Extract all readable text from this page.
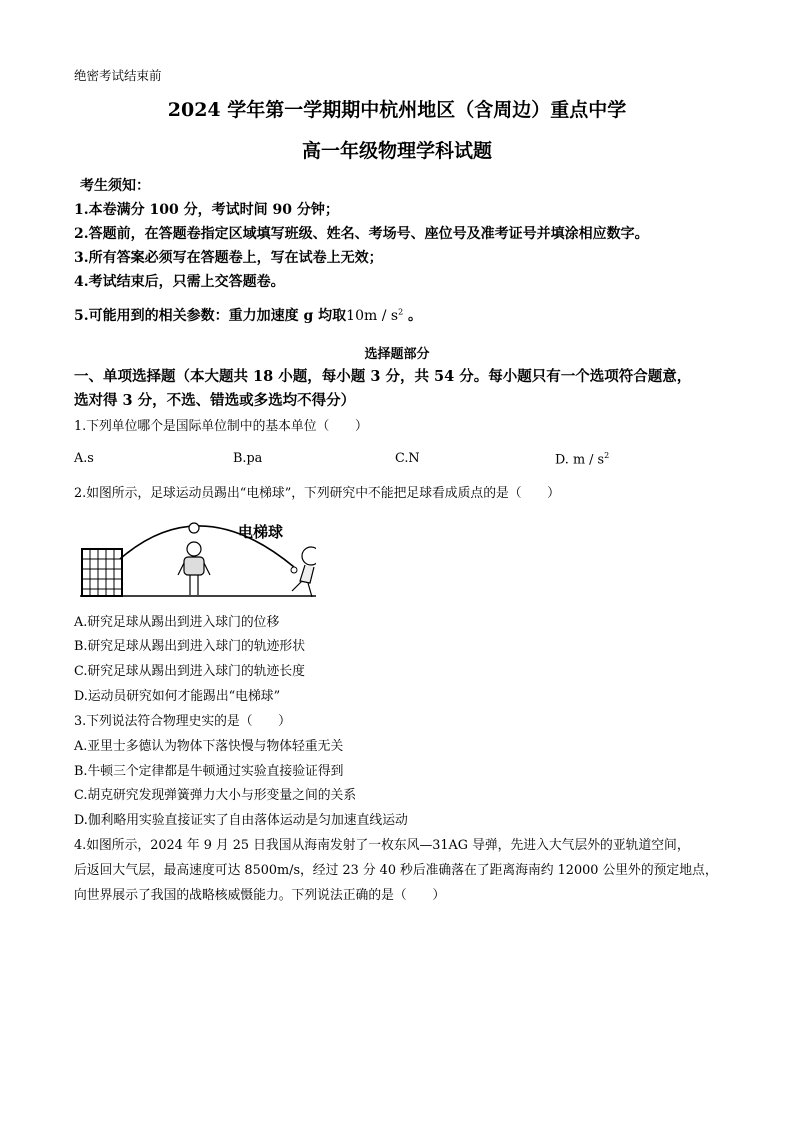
绝密考试结束前
2024 学年第一学期期中杭州地区（含周边）重点中学
高一年级物理学科试题
考生须知：
1.本卷满分 100 分，考试时间 90 分钟；
2.答题前，在答题卷指定区域填写班级、姓名、考场号、座位号及准考证号并填涂相应数字。
3.所有答案必须写在答题卷上，写在试卷上无效；
4.考试结束后，只需上交答题卷。
5.可能用到的相关参数：重力加速度 g 均取$10m / s^2$ 。
选择题部分
一、单项选择题（本大题共 18 小题，每小题 3 分，共 54 分。每小题只有一个选项符合题意，
选对得 3 分，不选、错选或多选均不得分）
1.下列单位哪个是国际单位制中的基本单位（　　）
A.s	B.pa	C.N	D. m / $s^2$
2.如图所示，足球运动员踢出“电梯球”，下列研究中不能把足球看成质点的是（　　）
电梯球
A.研究足球从踢出到进入球门的位移
B.研究足球从踢出到进入球门的轨迹形状
C.研究足球从踢出到进入球门的轨迹长度
D.运动员研究如何才能踢出“电梯球”
3.下列说法符合物理史实的是（　　）
A.亚里士多德认为物体下落快慢与物体轻重无关
B.牛顿三个定律都是牛顿通过实验直接验证得到
C.胡克研究发现弹簧弹力大小与形变量之间的关系
D.伽利略用实验直接证实了自由落体运动是匀加速直线运动
4.如图所示，2024 年 9 月 25 日我国从海南发射了一枚东风—31AG 导弹，先进入大气层外的亚轨道空间，
后返回大气层，最高速度可达 8500m/s，经过 23 分 40 秒后准确落在了距离海南约 12000 公里外的预定地点，
向世界展示了我国的战略核威慑能力。下列说法正确的是（　　）
